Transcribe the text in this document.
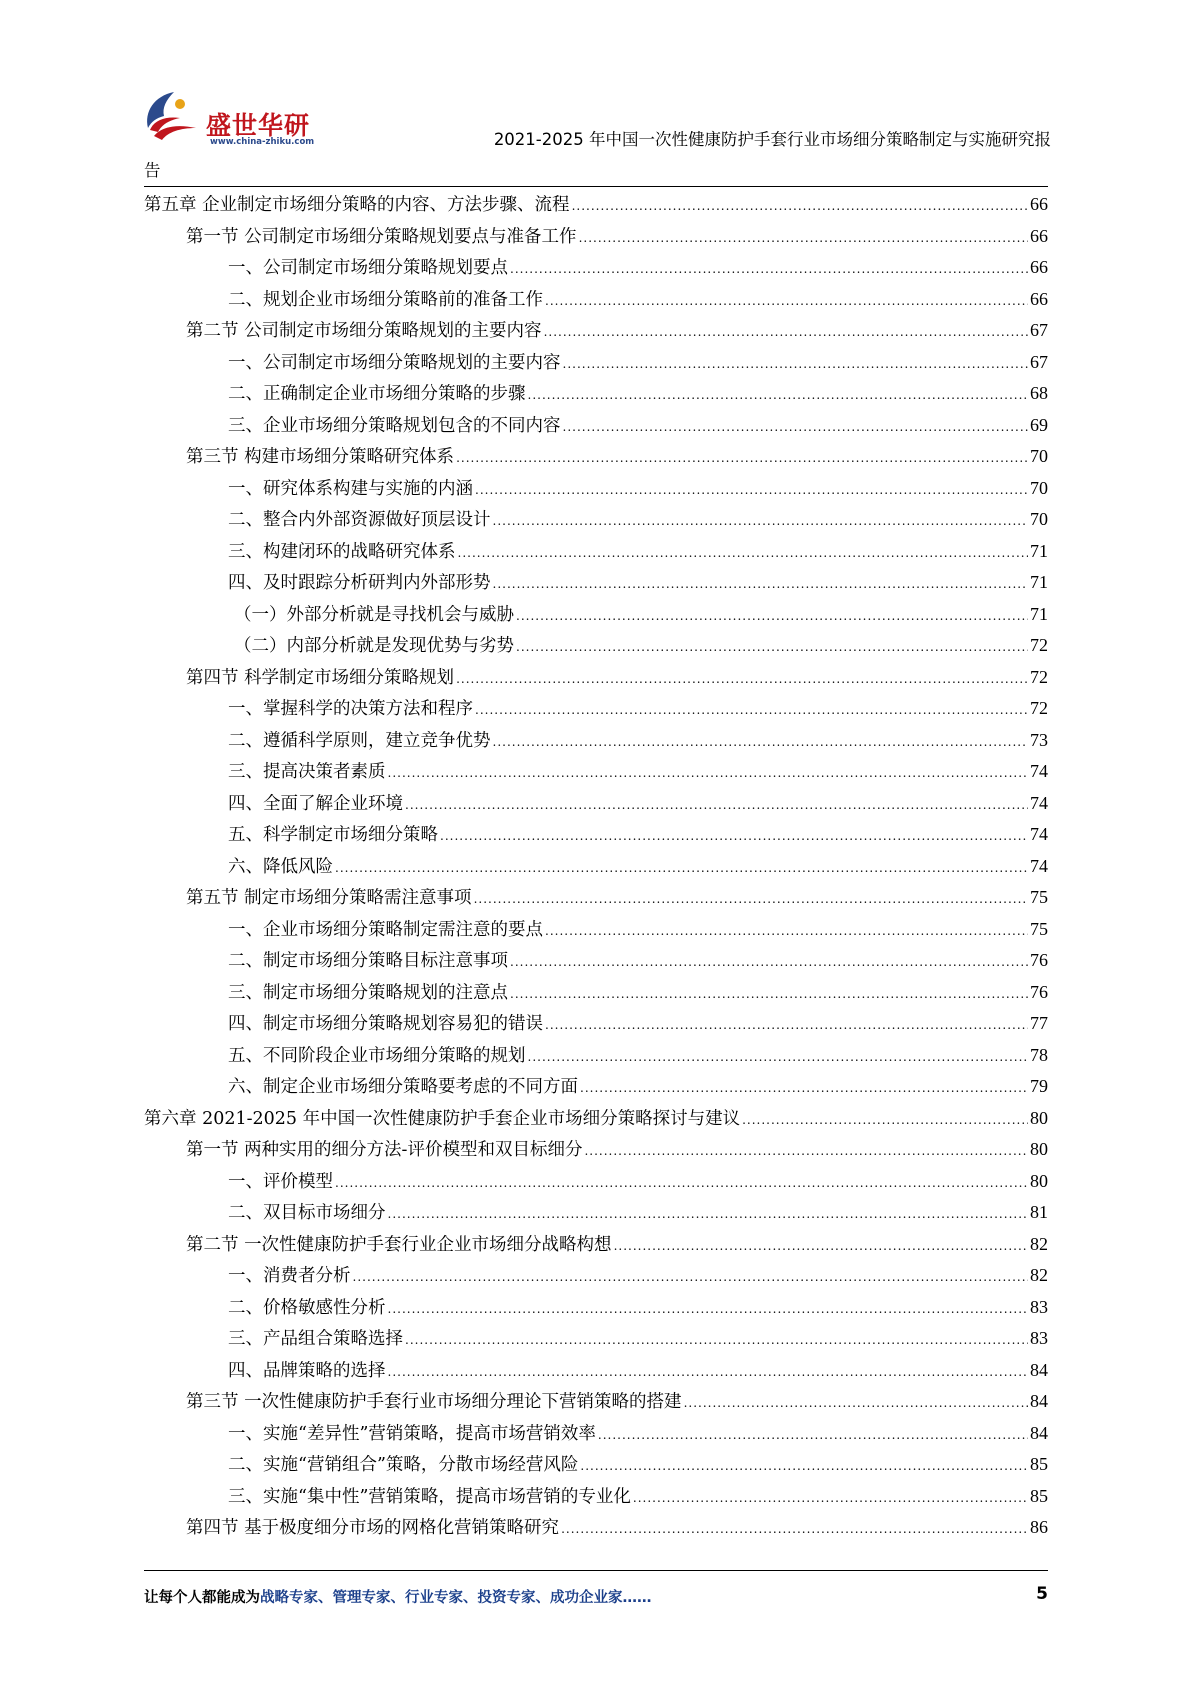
盛世华研
www.china-zhiku.com	2021-2025 年中国一次性健康防护手套行业市场细分策略制定与实施研究报
告
第五章 企业制定市场细分策略的内容、方法步骤、流程 .....	66
第一节 公司制定市场细分策略规划要点与准备工作 .....	66
一、公司制定市场细分策略规划要点 .....	66
二、规划企业市场细分策略前的准备工作 .....	66
第二节 公司制定市场细分策略规划的主要内容 .....	67
一、公司制定市场细分策略规划的主要内容 .....	67
二、正确制定企业市场细分策略的步骤 .....	68
三、企业市场细分策略规划包含的不同内容 .....	69
第三节 构建市场细分策略研究体系 .....	70
一、研究体系构建与实施的内涵 .....	70
二、整合内外部资源做好顶层设计 .....	70
三、构建闭环的战略研究体系 .....	71
四、及时跟踪分析研判内外部形势 .....	71
（一）外部分析就是寻找机会与威胁 .....	71
（二）内部分析就是发现优势与劣势 .....	72
第四节 科学制定市场细分策略规划 .....	72
一、掌握科学的决策方法和程序 .....	72
二、遵循科学原则，建立竞争优势 .....	73
三、提高决策者素质 .....	74
四、全面了解企业环境 .....	74
五、科学制定市场细分策略 .....	74
六、降低风险 .....	74
第五节 制定市场细分策略需注意事项 .....	75
一、企业市场细分策略制定需注意的要点 .....	75
二、制定市场细分策略目标注意事项 .....	76
三、制定市场细分策略规划的注意点 .....	76
四、制定市场细分策略规划容易犯的错误 .....	77
五、不同阶段企业市场细分策略的规划 .....	78
六、制定企业市场细分策略要考虑的不同方面 .....	79
第六章 2021-2025 年中国一次性健康防护手套企业市场细分策略探讨与建议 .....	80
第一节 两种实用的细分方法-评价模型和双目标细分 .....	80
一、评价模型 .....	80
二、双目标市场细分 .....	81
第二节 一次性健康防护手套行业企业市场细分战略构想 .....	82
一、消费者分析 .....	82
二、价格敏感性分析 .....	83
三、产品组合策略选择 .....	83
四、品牌策略的选择 .....	84
第三节 一次性健康防护手套行业市场细分理论下营销策略的搭建 .....	84
一、实施“差异性”营销策略，提高市场营销效率 .....	84
二、实施“营销组合”策略，分散市场经营风险 .....	85
三、实施“集中性”营销策略，提高市场营销的专业化 .....	85
第四节 基于极度细分市场的网格化营销策略研究 .....	86
让每个人都能成为战略专家、管理专家、行业专家、投资专家、成功企业家……	5
